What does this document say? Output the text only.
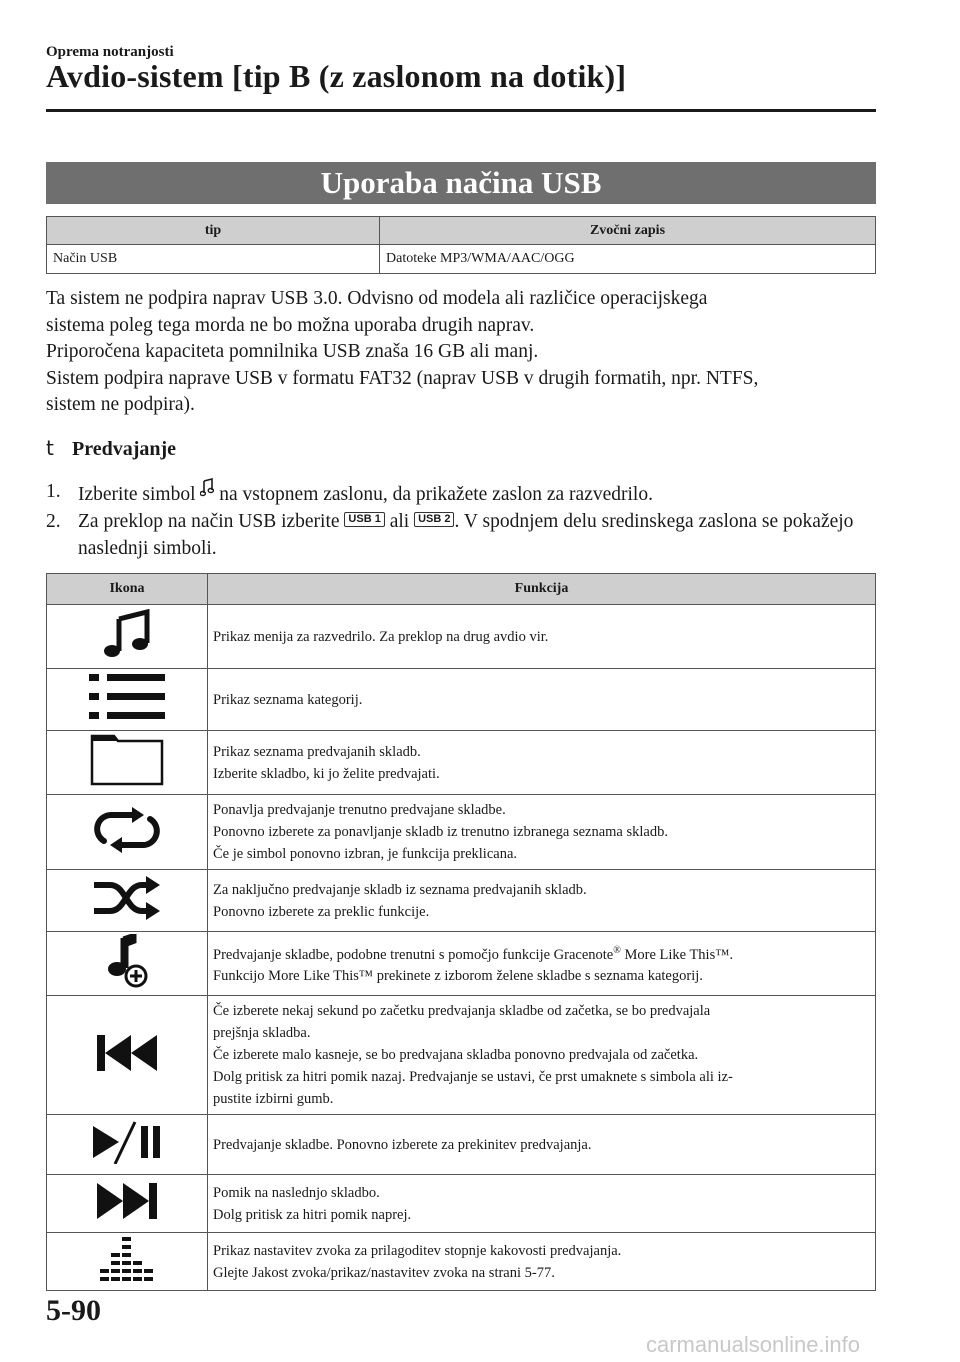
Oprema notranjosti
Avdio-sistem [tip B (z zaslonom na dotik)]
Uporaba načina USB
tip	Zvočni zapis
Način USB	Datoteke MP3/WMA/AAC/OGG

Ta sistem ne podpira naprav USB 3.0. Odvisno od modela ali različice operacijskega

sistema poleg tega morda ne bo možna uporaba drugih naprav.

Priporočena kapaciteta pomnilnika USB znaša 16 GB ali manj.

Sistem podpira naprave USB v formatu FAT32 (naprav USB v drugih formatih, npr. NTFS,

sistem ne podpira).

t Predvajanje
1. Izberite simbol  na vstopnem zaslonu, da prikažete zaslon za razvedrilo.
2. Za preklop na način USB izberite USB 1 ali USB 2 . V spodnjem delu sredinskega zaslona se pokažejo naslednji simboli.
Ikona	Funkcija

Prikaz menija za razvedrilo. Za preklop na drug avdio vir.

Prikaz seznama kategorij.

Prikaz seznama predvajanih skladb.
Izberite skladbo, ki jo želite predvajati.

Ponavlja predvajanje trenutno predvajane skladbe.
Ponovno izberete za ponavljanje skladb iz trenutno izbranega seznama skladb.
Če je simbol ponovno izbran, je funkcija preklicana.

Za naključno predvajanje skladb iz seznama predvajanih skladb.
Ponovno izberete za preklic funkcije.

Predvajanje skladbe, podobne trenutni s pomočjo funkcije Gracenote® More Like This™.
Funkcijo More Like This™ prekinete z izborom želene skladbe s seznama kategorij.

Če izberete nekaj sekund po začetku predvajanja skladbe od začetka, se bo predvajala
prejšnja skladba.
Če izberete malo kasneje, se bo predvajana skladba ponovno predvajala od začetka.
Dolg pritisk za hitri pomik nazaj. Predvajanje se ustavi, če prst umaknete s simbola ali iz-
pustite izbirni gumb.

Predvajanje skladbe. Ponovno izberete za prekinitev predvajanja.

Pomik na naslednjo skladbo.
Dolg pritisk za hitri pomik naprej.

Prikaz nastavitev zvoka za prilagoditev stopnje kakovosti predvajanja.
Glejte Jakost zvoka/prikaz/nastavitev zvoka na strani 5-77.
5-90
carmanualsonline.info
